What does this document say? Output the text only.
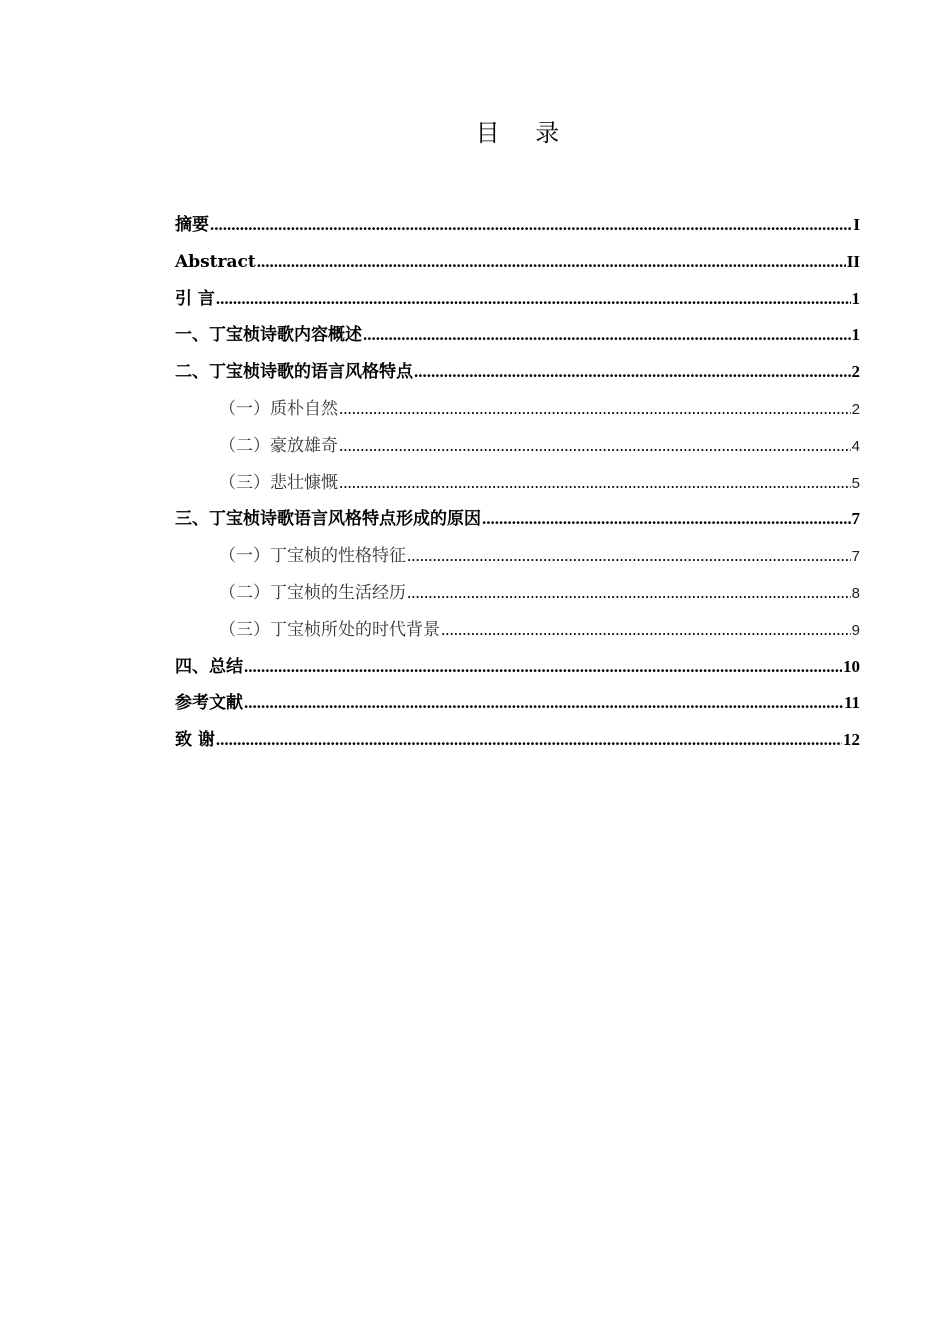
目 录
摘要 .....	I
Abstract .....	II
引 言 .....	1
一、丁宝桢诗歌内容概述 .....	1
二、丁宝桢诗歌的语言风格特点 .....	2
（一）质朴自然 .....	2
（二）豪放雄奇 .....	4
（三）悲壮慷慨 .....	5
三、丁宝桢诗歌语言风格特点形成的原因 .....	7
（一）丁宝桢的性格特征 .....	7
（二）丁宝桢的生活经历 .....	8
（三）丁宝桢所处的时代背景 .....	9
四、总结 .....	10
参考文献 .....	11
致 谢 .....	12
